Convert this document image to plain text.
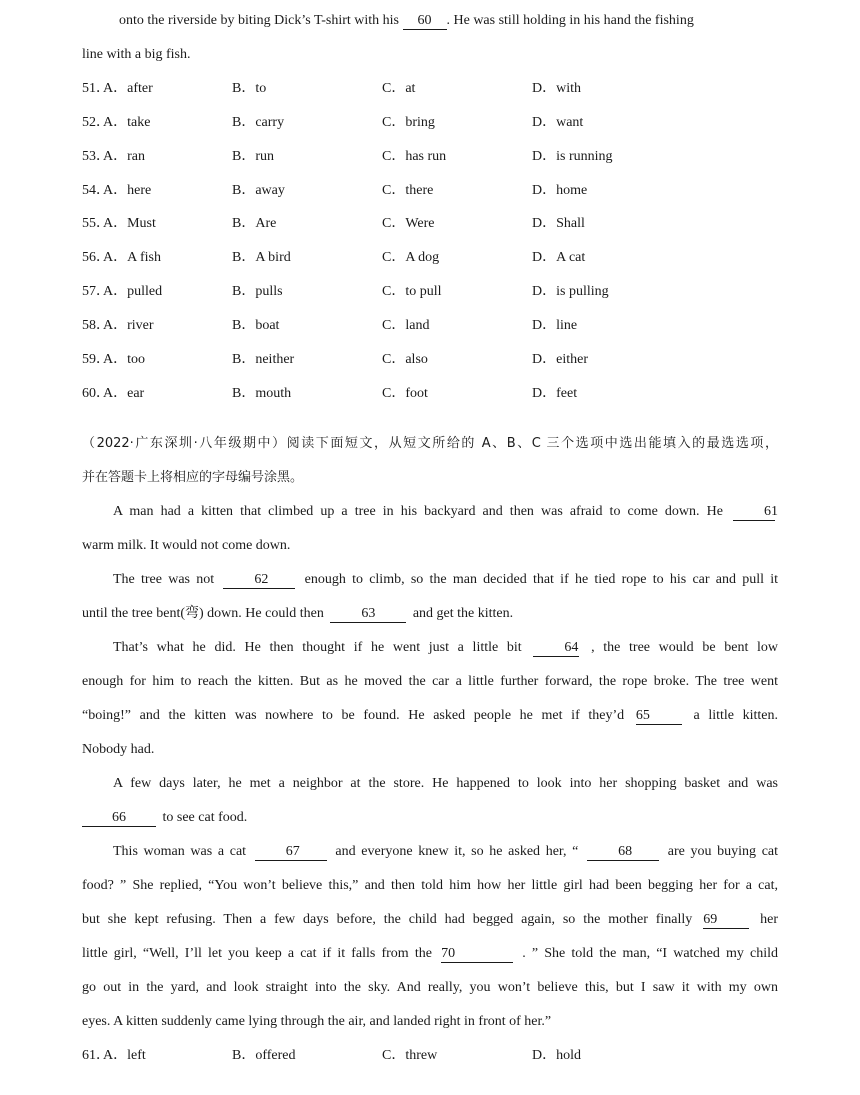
onto the riverside by biting Dick’s T-shirt with his 60 . He was still holding in his hand the fishing
line with a big fish.
51．
A．after	B．to	C．at	D．with
52．
A．take	B．carry	C．bring	D．want
53．
A．ran	B．run	C．has run	D．is running
54．
A．here	B．away	C．there	D．home
55．
A．Must	B．Are	C．Were	D．Shall
56．
A．A fish	B．A bird	C．A dog	D．A cat
57．
A．pulled	B．pulls	C．to pull	D．is pulling
58．
A．river	B．boat	C．land	D．line
59．
A．too	B．neither	C．also	D．either
60．
A．ear	B．mouth	C．foot	D．feet
（2022·广东深圳·八年级期中）阅读下面短文，从短文所给的 A、B、C 三个选项中选出能填入的最选选项，
并在答题卡上将相应的字母编号涂黑。
A man had a kitten that climbed up a tree in his backyard and then was afraid to come down. He	61
warm milk. It would not come down.
The tree was not	62	enough to climb, so the man decided that if he tied rope to his car and pull it
until the tree bent(弯) down. He could then	63	and get the kitten.
That’s what he did. He then thought if he went just a little bit	64 , the tree would be bent low
enough for him to reach the kitten. But as he moved the car a little further forward, the rope broke. The tree went
“boing!” and the kitten was nowhere to be found. He asked people he met if they’d 65	a little kitten.
Nobody had.
A few days later, he met a neighbor at the store. He happened to look into her shopping basket and was
66	to see cat food.
This woman was a cat	67	and everyone knew it, so he asked her, “	68	are you buying cat
food? ” She replied, “You won’t believe this,” and then told him how her little girl had been begging her for a cat,
but she kept refusing. Then a few days before, the child had begged again, so the mother finally 69	her
little girl, “Well, I’ll let you keep a cat if it falls from the 70	. ” She told the man, “I watched my child
go out in the yard, and look straight into the sky. And really, you won’t believe this, but I saw it with my own
eyes. A kitten suddenly came lying through the air, and landed right in front of her.”
61．
A．left	B．offered	C．threw	D．hold
